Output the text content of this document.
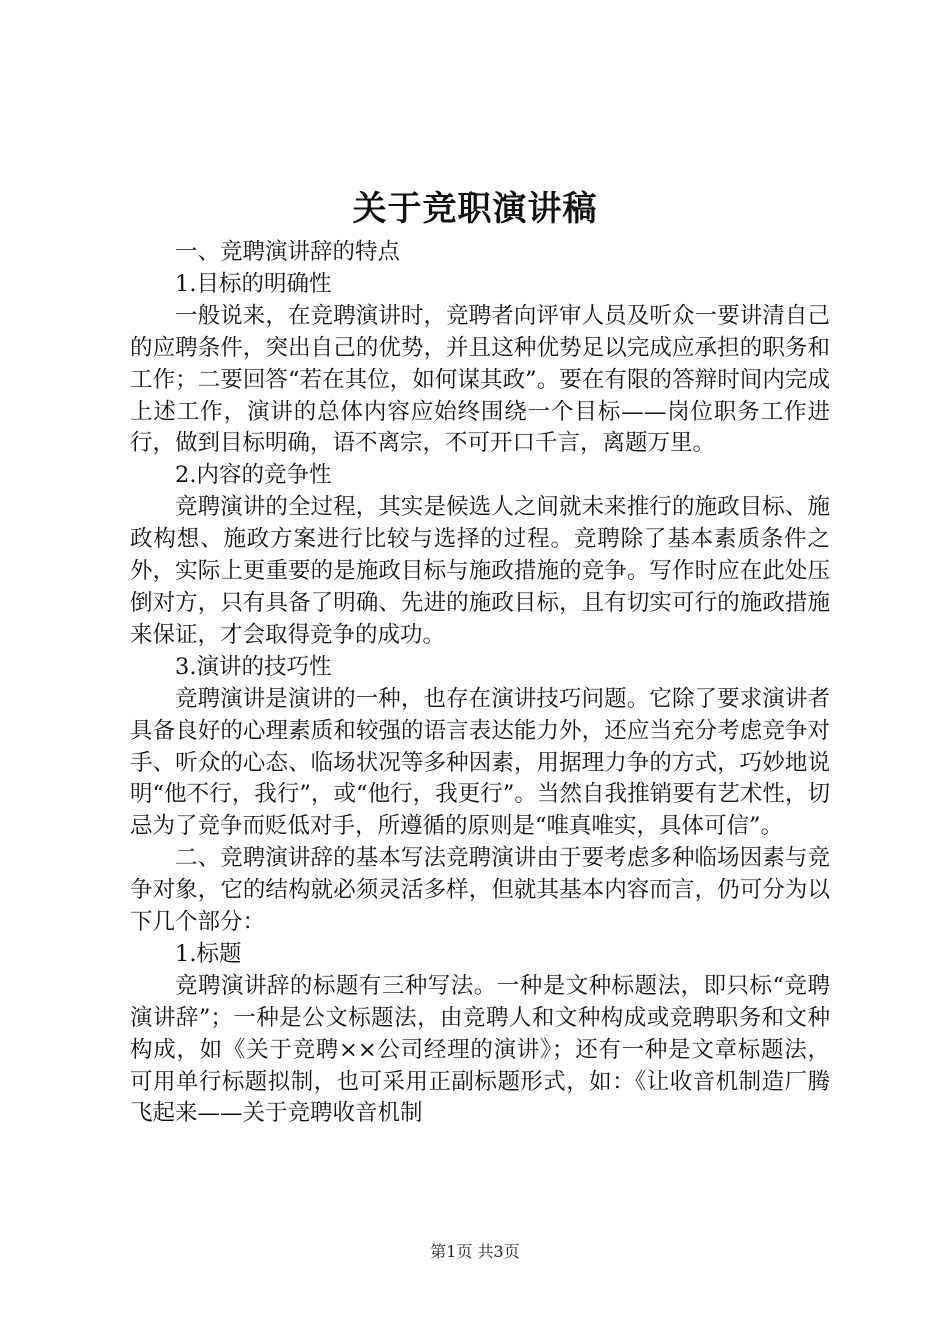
关于竞职演讲稿

一、竞聘演讲辞的特点

1.目标的明确性

一般说来，在竞聘演讲时，竞聘者向评审人员及听众一要讲清自己的应聘条件，突出自己的优势，并且这种优势足以完成应承担的职务和工作；二要回答“若在其位，如何谋其政”。要在有限的答辩时间内完成上述工作，演讲的总体内容应始终围绕一个目标——岗位职务工作进行，做到目标明确，语不离宗，不可开口千言，离题万里。

2.内容的竞争性

竞聘演讲的全过程，其实是候选人之间就未来推行的施政目标、施政构想、施政方案进行比较与选择的过程。竞聘除了基本素质条件之外，实际上更重要的是施政目标与施政措施的竞争。写作时应在此处压倒对方，只有具备了明确、先进的施政目标，且有切实可行的施政措施来保证，才会取得竞争的成功。

3.演讲的技巧性

竞聘演讲是演讲的一种，也存在演讲技巧问题。它除了要求演讲者具备良好的心理素质和较强的语言表达能力外，还应当充分考虑竞争对手、听众的心态、临场状况等多种因素，用据理力争的方式，巧妙地说明“他不行，我行”，或“他行，我更行”。当然自我推销要有艺术性，切忌为了竞争而贬低对手，所遵循的原则是“唯真唯实，具体可信”。

二、竞聘演讲辞的基本写法竞聘演讲由于要考虑多种临场因素与竞争对象，它的结构就必须灵活多样，但就其基本内容而言，仍可分为以下几个部分：

1.标题

竞聘演讲辞的标题有三种写法。一种是文种标题法，即只标“竞聘演讲辞”；一种是公文标题法，由竞聘人和文种构成或竞聘职务和文种构成，如《关于竞聘××公司经理的演讲》；还有一种是文章标题法，可用单行标题拟制，也可采用正副标题形式，如：《让收音机制造厂腾飞起来——关于竞聘收音机制

第1页 共3页
